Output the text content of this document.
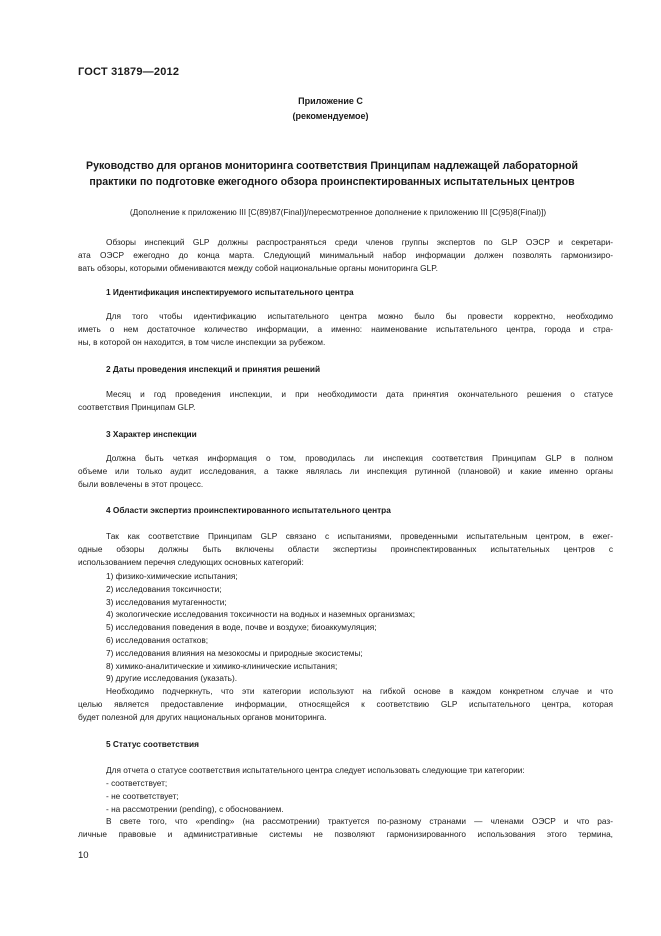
ГОСТ 31879—2012
Приложение С
(рекомендуемое)
Руководство для органов мониторинга соответствия Принципам надлежащей лабораторной
практики по подготовке ежегодного обзора проинспектированных испытательных центров
(Дополнение к приложению III [C(89)87(Final)]/пересмотренное дополнение к приложению III [C(95)8(Final)])
Обзоры инспекций GLP должны распространяться среди членов группы экспертов по GLP ОЭСР и секретари-
ата ОЭСР ежегодно до конца марта. Следующий минимальный набор информации должен позволять гармонизиро-
вать обзоры, которыми обмениваются между собой национальные органы мониторинга GLP.
1 Идентификация инспектируемого испытательного центра
Для того чтобы идентификацию испытательного центра можно было бы провести корректно, необходимо
иметь о нем достаточное количество информации, а именно: наименование испытательного центра, города и стра-
ны, в которой он находится, в том числе инспекции за рубежом.
2 Даты проведения инспекций и принятия решений
Месяц и год проведения инспекции, и при необходимости дата принятия окончательного решения о статусе
соответствия Принципам GLP.
3 Характер инспекции
Должна быть четкая информация о том, проводилась ли инспекция соответствия Принципам GLP в полном
объеме или только аудит исследования, а также являлась ли инспекция рутинной (плановой) и какие именно органы
были вовлечены в этот процесс.
4 Области экспертиз проинспектированного испытательного центра
Так как соответствие Принципам GLP связано с испытаниями, проведенными испытательным центром, в ежег-
одные обзоры должны быть включены области экспертизы проинспектированных испытательных центров с
использованием перечня следующих основных категорий:
1) физико-химические испытания;
2) исследования токсичности;
3) исследования мутагенности;
4) экологические исследования токсичности на водных и наземных организмах;
5) исследования поведения в воде, почве и воздухе; биоаккумуляция;
6) исследования остатков;
7) исследования влияния на мезокосмы и природные экосистемы;
8) химико-аналитические и химико-клинические испытания;
9) другие исследования (указать).
Необходимо подчеркнуть, что эти категории используют на гибкой основе в каждом конкретном случае и что
целью является предоставление информации, относящейся к соответствию GLP испытательного центра, которая
будет полезной для других национальных органов мониторинга.
5 Статус соответствия
Для отчета о статусе соответствия испытательного центра следует использовать следующие три категории:
- соответствует;
- не соответствует;
- на рассмотрении (pending), с обоснованием.
В свете того, что «pending» (на рассмотрении) трактуется по-разному странами — членами ОЭСР и что раз-
личные правовые и административные системы не позволяют гармонизированного использования этого термина,
10
